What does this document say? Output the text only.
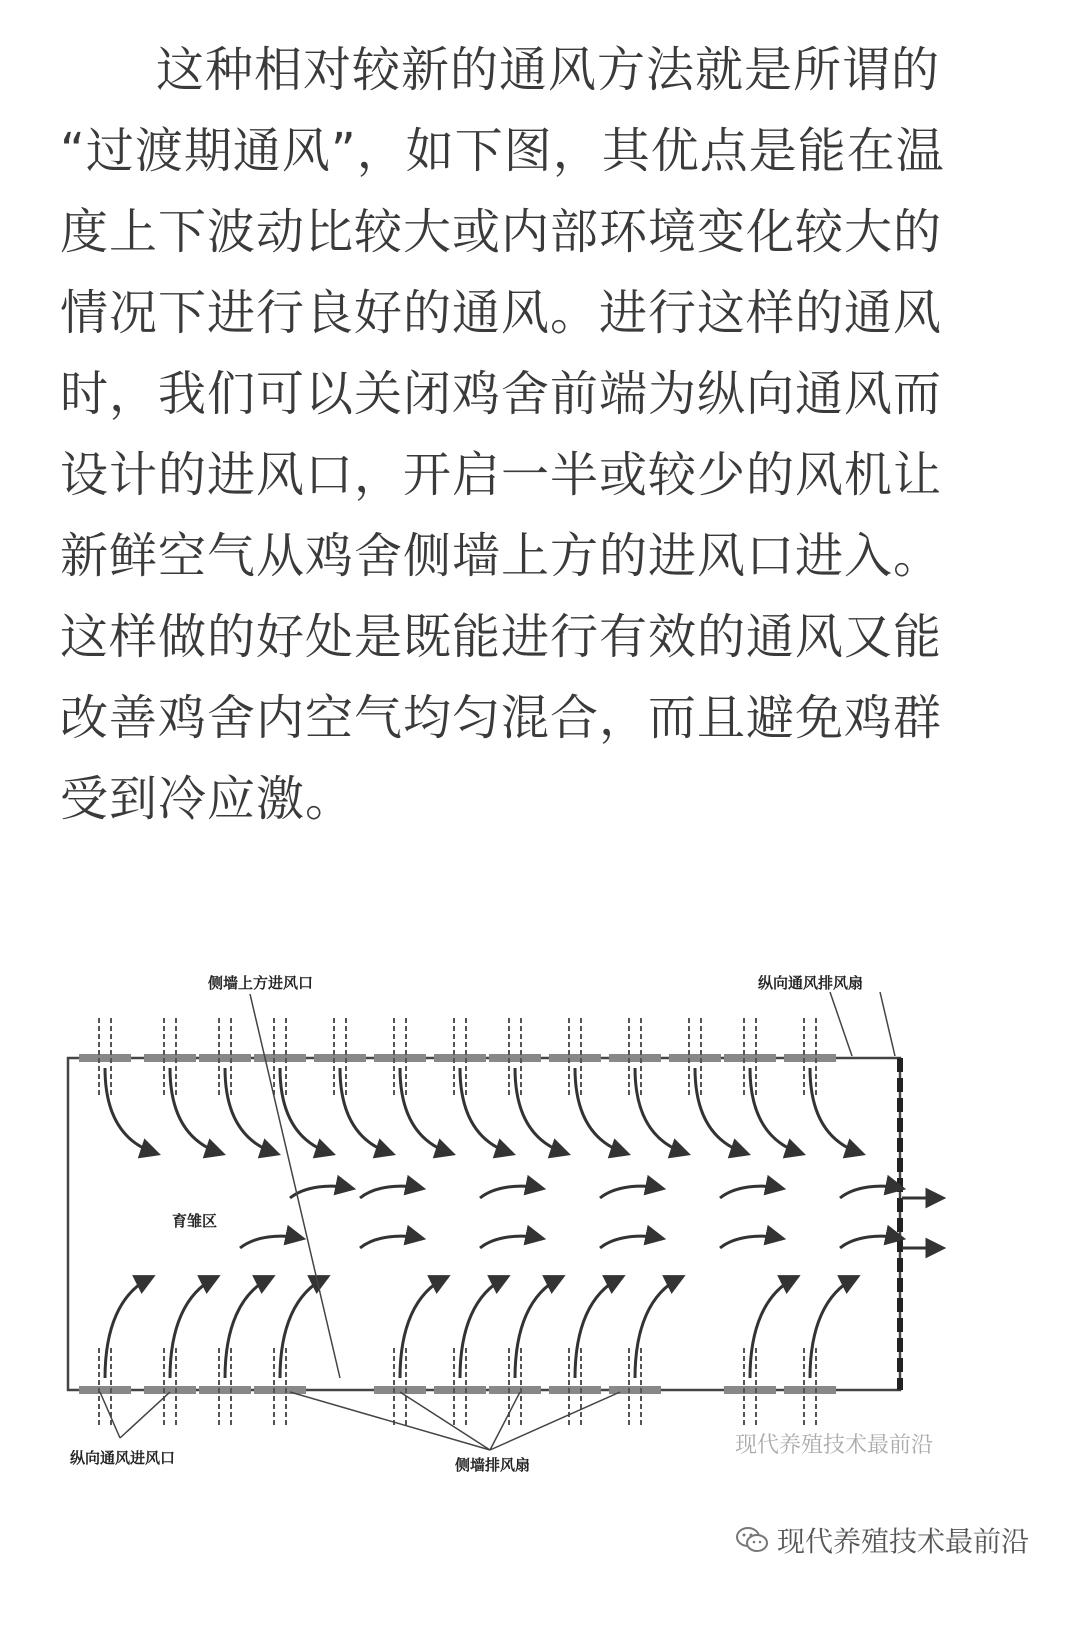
这种相对较新的通风方法就是所谓的
“过渡期通风”，如下图，其优点是能在温
度上下波动比较大或内部环境变化较大的
情况下进行良好的通风。进行这样的通风
时，我们可以关闭鸡舍前端为纵向通风而
设计的进风口，开启一半或较少的风机让
新鲜空气从鸡舍侧墙上方的进风口进入。
这样做的好处是既能进行有效的通风又能
改善鸡舍内空气均匀混合，而且避免鸡群
受到冷应激。
侧墙上方进风口	纵向通风排风扇
育雏区
纵向通风进风口	侧墙排风扇
现代养殖技术最前沿
现代养殖技术最前沿
